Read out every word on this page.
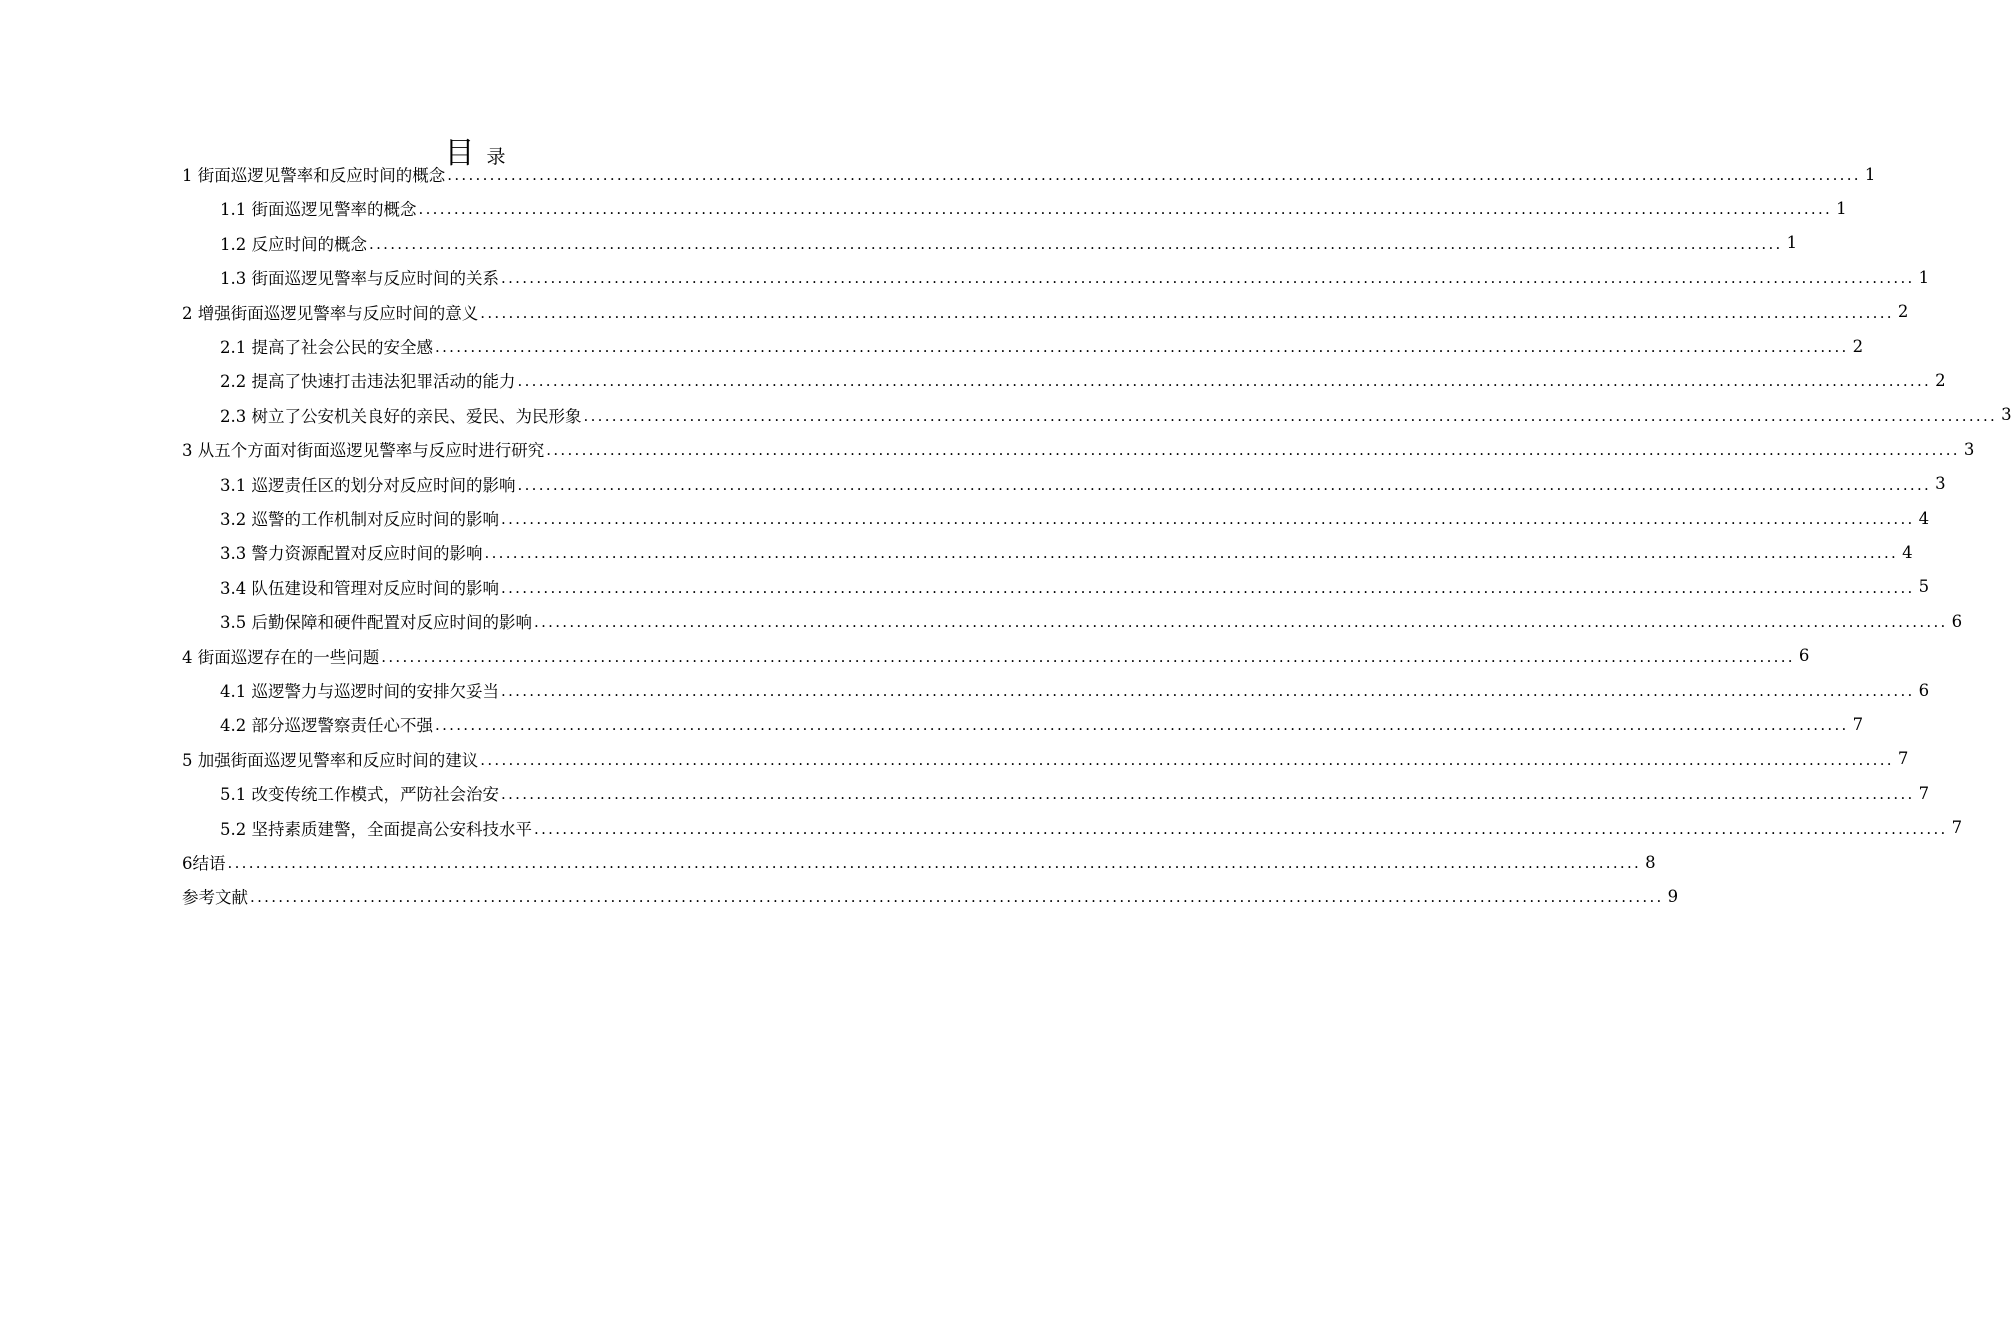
目录
1 街面巡逻见警率和反应时间的概念 ........................................................................................................................................................................................................ 1
1.1 街面巡逻见警率的概念 ........................................................................................................................................................................................................ 1
1.2 反应时间的概念 ........................................................................................................................................................................................................ 1
1.3 街面巡逻见警率与反应时间的关系 ........................................................................................................................................................................................................ 1
2 增强街面巡逻见警率与反应时间的意义 ........................................................................................................................................................................................................ 2
2.1 提高了社会公民的安全感 ........................................................................................................................................................................................................ 2
2.2 提高了快速打击违法犯罪活动的能力 ........................................................................................................................................................................................................ 2
2.3 树立了公安机关良好的亲民、爱民、为民形象 ........................................................................................................................................................................................................ 3
3 从五个方面对街面巡逻见警率与反应时进行研究 ........................................................................................................................................................................................................ 3
3.1 巡逻责任区的划分对反应时间的影响 ........................................................................................................................................................................................................ 3
3.2 巡警的工作机制对反应时间的影响 ........................................................................................................................................................................................................ 4
3.3 警力资源配置对反应时间的影响 ........................................................................................................................................................................................................ 4
3.4 队伍建设和管理对反应时间的影响 ........................................................................................................................................................................................................ 5
3.5 后勤保障和硬件配置对反应时间的影响 ........................................................................................................................................................................................................ 6
4 街面巡逻存在的一些问题 ........................................................................................................................................................................................................ 6
4.1 巡逻警力与巡逻时间的安排欠妥当 ........................................................................................................................................................................................................ 6
4.2 部分巡逻警察责任心不强 ........................................................................................................................................................................................................ 7
5 加强街面巡逻见警率和反应时间的建议 ........................................................................................................................................................................................................ 7
5.1 改变传统工作模式，严防社会治安 ........................................................................................................................................................................................................ 7
5.2 坚持素质建警，全面提高公安科技水平 ........................................................................................................................................................................................................ 7
6结语 ........................................................................................................................................................................................................ 8
参考文献 ........................................................................................................................................................................................................ 9
